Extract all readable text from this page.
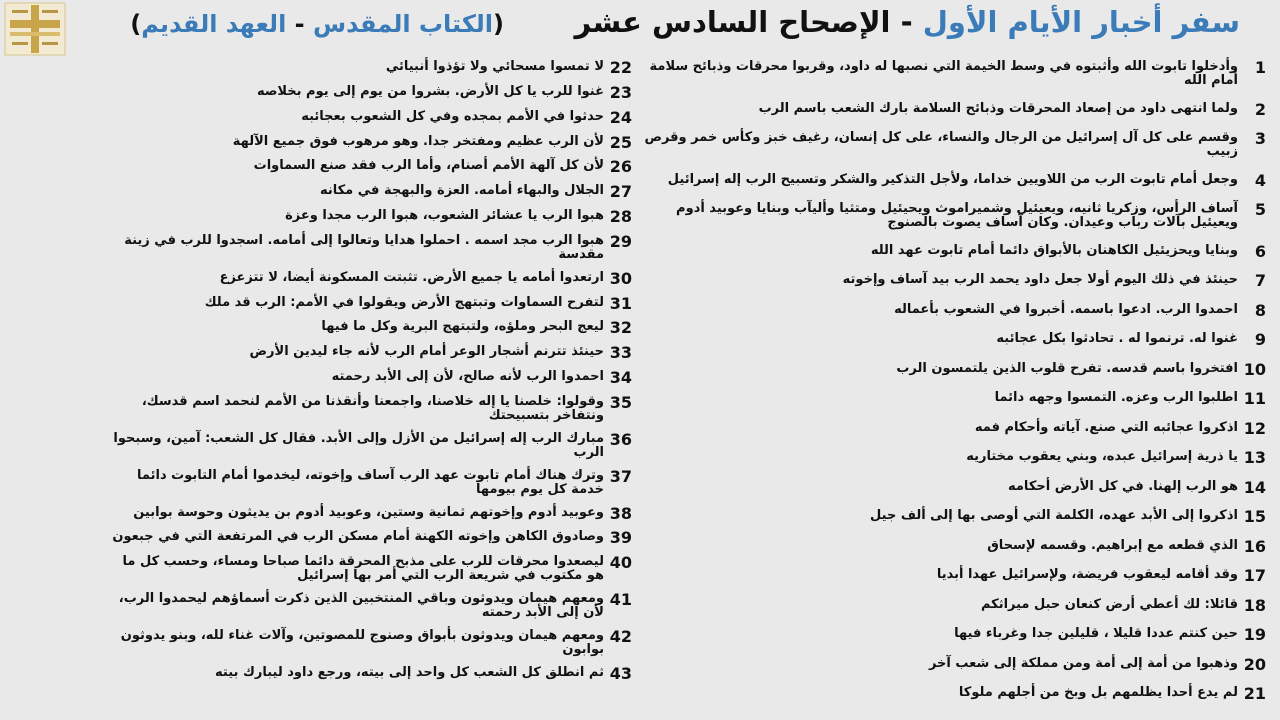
سفر أخبار الأيام الأول - الإصحاح السادس عشر
(الكتاب المقدس - العهد القديم)
1
وأدخلوا تابوت الله وأثبتوه في وسط الخيمة التي نصبها له داود، وقربوا محرقات وذبائح سلامة أمام الله
2
ولما انتهى داود من إصعاد المحرقات وذبائح السلامة بارك الشعب باسم الرب
3
وقسم على كل آل إسرائيل من الرجال والنساء، على كل إنسان، رغيف خبز وكأس خمر وقرص زبيب
4
وجعل أمام تابوت الرب من اللاويين خداما، ولأجل التذكير والشكر وتسبيح الرب إله إسرائيل
5
آساف الرأس، وزكريا ثانيه، ويعيئيل وشميراموث ويحيئيل ومتثيا وأليآب وبنايا وعوبيد أدوم ويعيئيل بآلات رباب وعيدان. وكان آساف يصوت بالصنوج
6
وبنايا ويحزيئيل الكاهنان بالأبواق دائما أمام تابوت عهد الله
7
حينئذ في ذلك اليوم أولا جعل داود يحمد الرب بيد آساف وإخوته
8
احمدوا الرب. ادعوا باسمه. أخبروا في الشعوب بأعماله
9
غنوا له. ترنموا له . تحادثوا بكل عجائبه
10
افتخروا باسم قدسه. تفرح قلوب الذين يلتمسون الرب
11
اطلبوا الرب وعزه. التمسوا وجهه دائما
12
اذكروا عجائبه التي صنع. آياته وأحكام فمه
13
يا ذرية إسرائيل عبده، وبني يعقوب مختاريه
14
هو الرب إلهنا. في كل الأرض أحكامه
15
اذكروا إلى الأبد عهده، الكلمة التي أوصى بها إلى ألف جيل
16
الذي قطعه مع إبراهيم. وقسمه لإسحاق
17
وقد أقامه ليعقوب فريضة، ولإسرائيل عهدا أبديا
18
قائلا: لك أعطي أرض كنعان حبل ميراثكم
19
حين كنتم عددا قليلا ، قليلين جدا وغرباء فيها
20
وذهبوا من أمة إلى أمة ومن مملكة إلى شعب آخر
21
لم يدع أحدا يظلمهم بل وبخ من أجلهم ملوكا
22
لا تمسوا مسحائي ولا تؤذوا أنبيائي
23
غنوا للرب يا كل الأرض. بشروا من يوم إلى يوم بخلاصه
24
حدثوا في الأمم بمجده وفي كل الشعوب بعجائبه
25
لأن الرب عظيم ومفتخر جدا. وهو مرهوب فوق جميع الآلهة
26
لأن كل آلهة الأمم أصنام، وأما الرب فقد صنع السماوات
27
الجلال والبهاء أمامه. العزة والبهجة في مكانه
28
هبوا الرب يا عشائر الشعوب، هبوا الرب مجدا وعزة
29
هبوا الرب مجد اسمه . احملوا هدايا وتعالوا إلى أمامه. اسجدوا للرب في زينة مقدسة
30
ارتعدوا أمامه يا جميع الأرض. تثبتت المسكونة أيضا، لا تتزعزع
31
لتفرح السماوات وتبتهج الأرض ويقولوا في الأمم: الرب قد ملك
32
ليعج البحر وملؤه، ولتبتهج البرية وكل ما فيها
33
حينئذ تترنم أشجار الوعر أمام الرب لأنه جاء ليدين الأرض
34
احمدوا الرب لأنه صالح، لأن إلى الأبد رحمته
35
وقولوا: خلصنا يا إله خلاصنا، واجمعنا وأنقذنا من الأمم لنحمد اسم قدسك، ونتفاخر بتسبيحتك
36
مبارك الرب إله إسرائيل من الأزل وإلى الأبد. فقال كل الشعب: آمين، وسبحوا الرب
37
وترك هناك أمام تابوت عهد الرب آساف وإخوته، ليخدموا أمام التابوت دائما خدمة كل يوم بيومها
38
وعوبيد أدوم وإخوتهم ثمانية وستين، وعوبيد أدوم بن يديثون وحوسة بوابين
39
وصادوق الكاهن وإخوته الكهنة أمام مسكن الرب في المرتفعة التي في جبعون
40
ليصعدوا محرقات للرب على مذبح المحرقة دائما صباحا ومساء، وحسب كل ما هو مكتوب في شريعة الرب التي أمر بها إسرائيل
41
ومعهم هيمان ويدوثون وباقي المنتخبين الذين ذكرت أسماؤهم ليحمدوا الرب، لأن إلى الأبد رحمته
42
ومعهم هيمان ويدوثون بأبواق وصنوج للمصوتين، وآلات غناء لله، وبنو يدوثون بوابون
43
ثم انطلق كل الشعب كل واحد إلى بيته، ورجع داود ليبارك بيته
